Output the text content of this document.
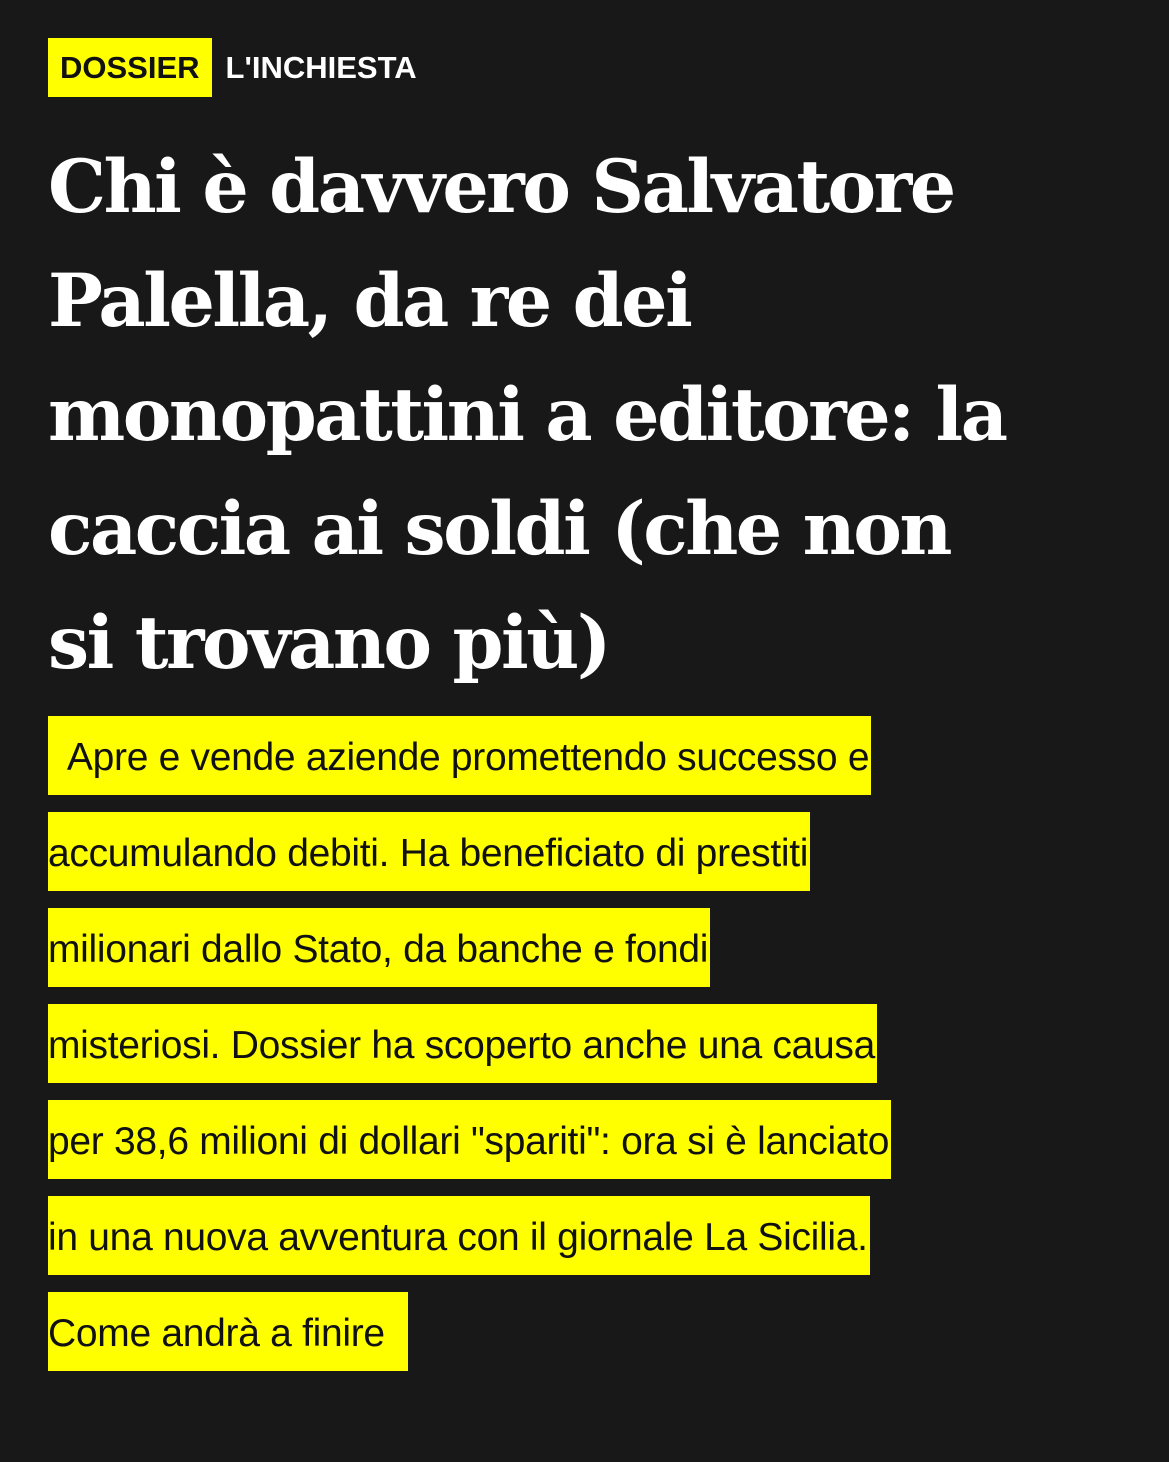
DOSSIER L'INCHIESTA
Chi è davvero Salvatore
Palella, da re dei
monopattini a editore: la
caccia ai soldi (che non
si trovano più)
Apre e vende aziende promettendo successo e
accumulando debiti. Ha beneficiato di prestiti
milionari dallo Stato, da banche e fondi
misteriosi. Dossier ha scoperto anche una causa
per 38,6 milioni di dollari "spariti": ora si è lanciato
in una nuova avventura con il giornale La Sicilia.
Come andrà a finire
